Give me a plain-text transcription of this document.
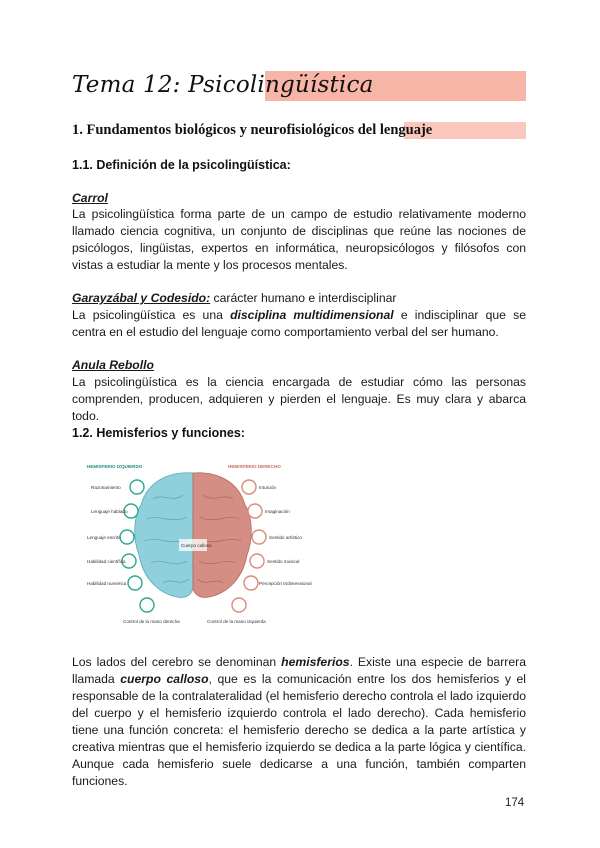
Tema 12: Psicolingüística
1. Fundamentos biológicos y neurofisiológicos del lenguaje
1.1. Definición de la psicolingüística:
Carrol
La psicolingüística forma parte de un campo de estudio relativamente moderno llamado ciencia cognitiva, un conjunto de disciplinas que reúne las nociones de psicólogos, lingüistas, expertos en informática, neuropsicólogos y filósofos con vistas a estudiar la mente y los procesos mentales.
Garayzábal y Codesido: carácter humano e interdisciplinar
La psicolingüística es una disciplina multidimensional e indisciplinar que se centra en el estudio del lenguaje como comportamiento verbal del ser humano.
Anula Rebollo
La psicolingüística es la ciencia encargada de estudiar cómo las personas comprenden, producen, adquieren y pierden el lenguaje. Es muy clara y abarca todo.
1.2. Hemisferios y funciones:
HEMISFERIO IZQUIERDO	HEMISFERIO DERECHO
Cuerpo calloso
Razonamiento
Lenguaje hablado
Lenguaje escrito
Habilidad científica
Habilidad numérica
Control de la mano derecha
Intuición
Imaginación
Sentido artístico
Sentido musical
Percepción tridimensional
Control de la mano izquierda
Los lados del cerebro se denominan hemisferios. Existe una especie de barrera llamada cuerpo calloso, que es la comunicación entre los dos hemisferios y el responsable de la contralateralidad (el hemisferio derecho controla el lado izquierdo del cuerpo y el hemisferio izquierdo controla el lado derecho). Cada hemisferio tiene una función concreta: el hemisferio derecho se dedica a la parte artística y creativa mientras que el hemisferio izquierdo se dedica a la parte lógica y científica. Aunque cada hemisferio suele dedicarse a una función, también comparten funciones.
174
